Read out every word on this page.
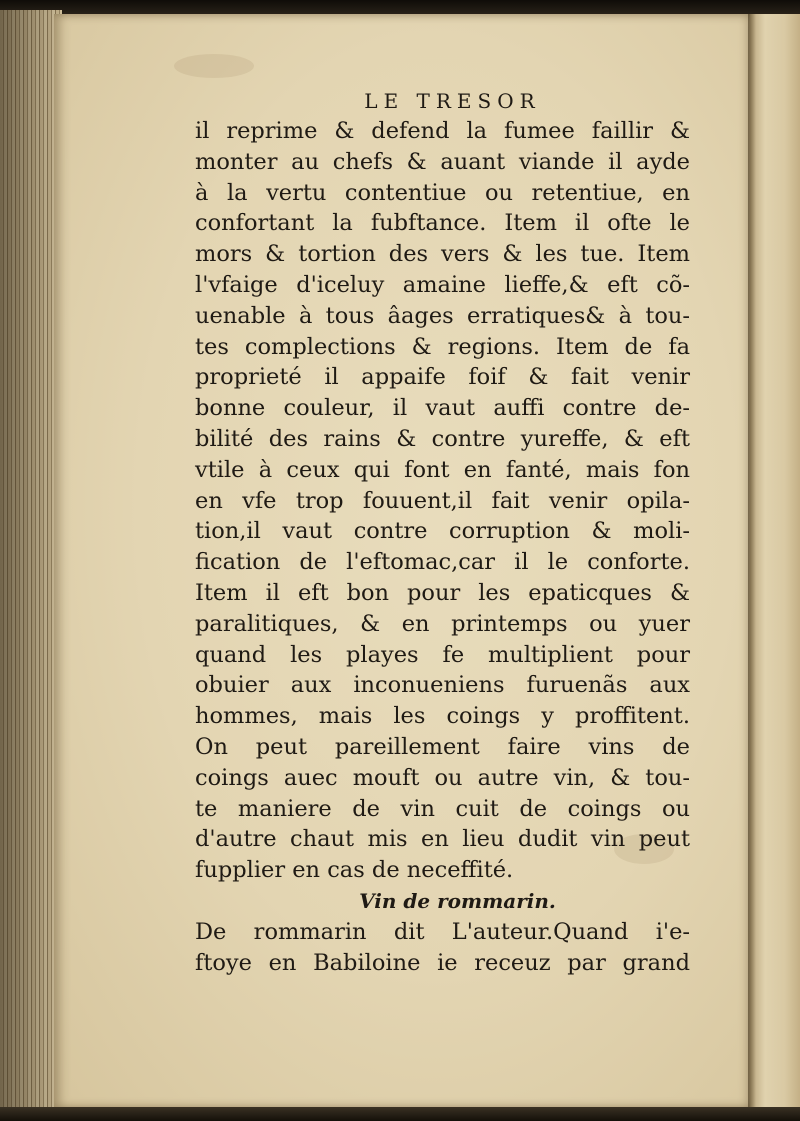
LE TRESOR
il reprime & defend la fumee faillir &
monter au chefs & auant viande il ayde
à la vertu contentiue ou retentiue, en
confortant la fubftance. Item il ofte le
mors & tortion des vers & les tue. Item
l'vfaige d'iceluy amaine lieffe,& eft cõ-
uenable à tous âages erratiques& à tou-
tes complections & regions. Item de fa
proprieté il appaife foif & fait venir
bonne couleur, il vaut auffi contre de-
bilité des rains & contre yureffe, & eft
vtile à ceux qui font en fanté, mais fon
en vfe trop fouuent,il fait venir opila-
tion,il vaut contre corruption & moli-
fication de l'eftomac,car il le conforte.
Item il eft bon pour les epaticques &
paralitiques, & en printemps ou yuer
quand les playes fe multiplient pour
obuier aux inconueniens furuenãs aux
hommes, mais les coings y proffitent.
On peut pareillement faire vins de
coings auec mouft ou autre vin, & tou-
te maniere de vin cuit de coings ou
d'autre chaut mis en lieu dudit vin peut
fupplier en cas de neceffité.
Vin de rommarin.
De rommarin dit L'auteur.Quand i'e-
ftoye en Babiloine ie receuz par grand
